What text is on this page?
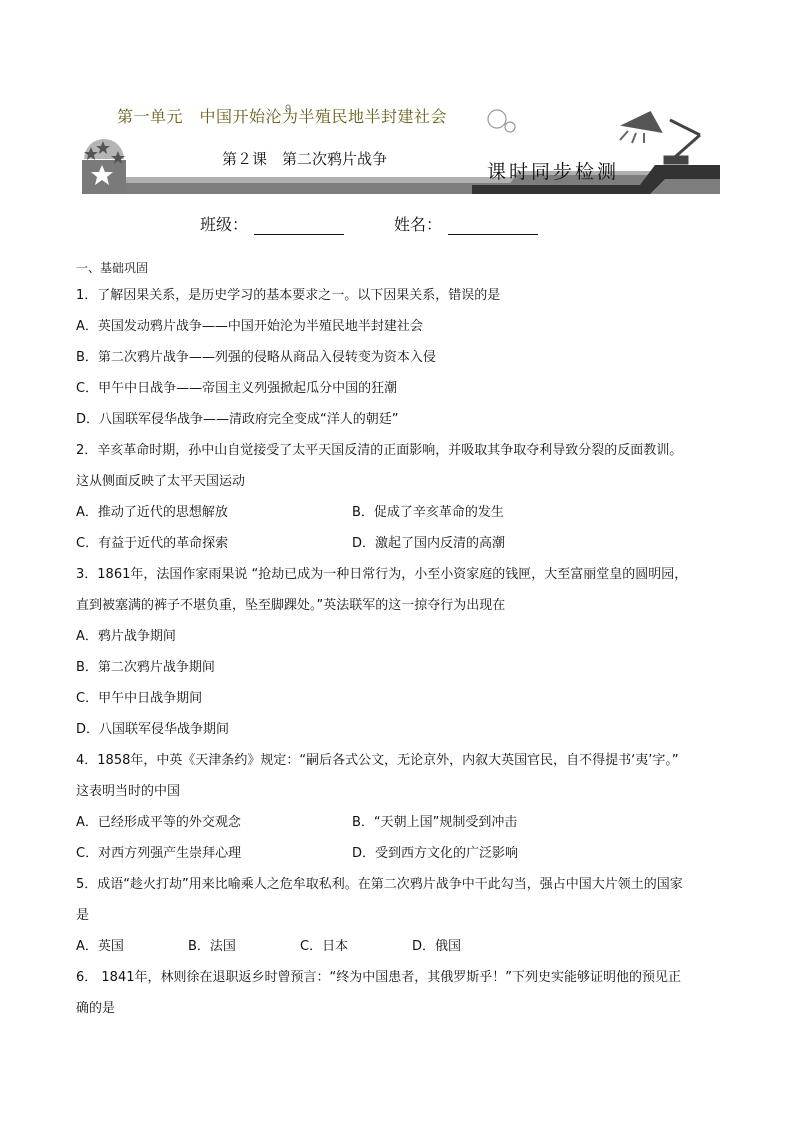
第一单元　中国开始沦为半殖民地半封建社会
第２课　第二次鸦片战争
课时同步检测
班级：	姓名：
一、基础巩固
1．了解因果关系，是历史学习的基本要求之一。以下因果关系，错误的是
A．英国发动鸦片战争——中国开始沦为半殖民地半封建社会
B．第二次鸦片战争——列强的侵略从商品入侵转变为资本入侵
C．甲午中日战争——帝国主义列强掀起瓜分中国的狂潮
D．八国联军侵华战争——清政府完全变成“洋人的朝廷”
2．辛亥革命时期，孙中山自觉接受了太平天国反清的正面影响，并吸取其争取夺利导致分裂的反面教训。
这从侧面反映了太平天国运动
A．推动了近代的思想解放	B．促成了辛亥革命的发生
C．有益于近代的革命探索	D．激起了国内反清的高潮
3．1861年，法国作家雨果说 “抢劫已成为一种日常行为，小至小资家庭的钱匣，大至富丽堂皇的圆明园，
直到被塞满的裤子不堪负重，坠至脚踝处。”英法联军的这一掠夺行为出现在
A．鸦片战争期间
B．第二次鸦片战争期间
C．甲午中日战争期间
D．八国联军侵华战争期间
4．1858年，中英《天津条约》规定：“嗣后各式公文，无论京外，内叙大英国官民，自不得提书‘夷’字。”
这表明当时的中国
A．已经形成平等的外交观念	B．“天朝上国”规制受到冲击
C．对西方列强产生崇拜心理	D．受到西方文化的广泛影响
5．成语“趁火打劫”用来比喻乘人之危牟取私利。在第二次鸦片战争中干此勾当，强占中国大片领土的国家
是
A．英国	B．法国	C．日本	D．俄国
6． 1841年，林则徐在退职返乡时曾预言：“终为中国患者，其俄罗斯乎！”下列史实能够证明他的预见正
确的是
